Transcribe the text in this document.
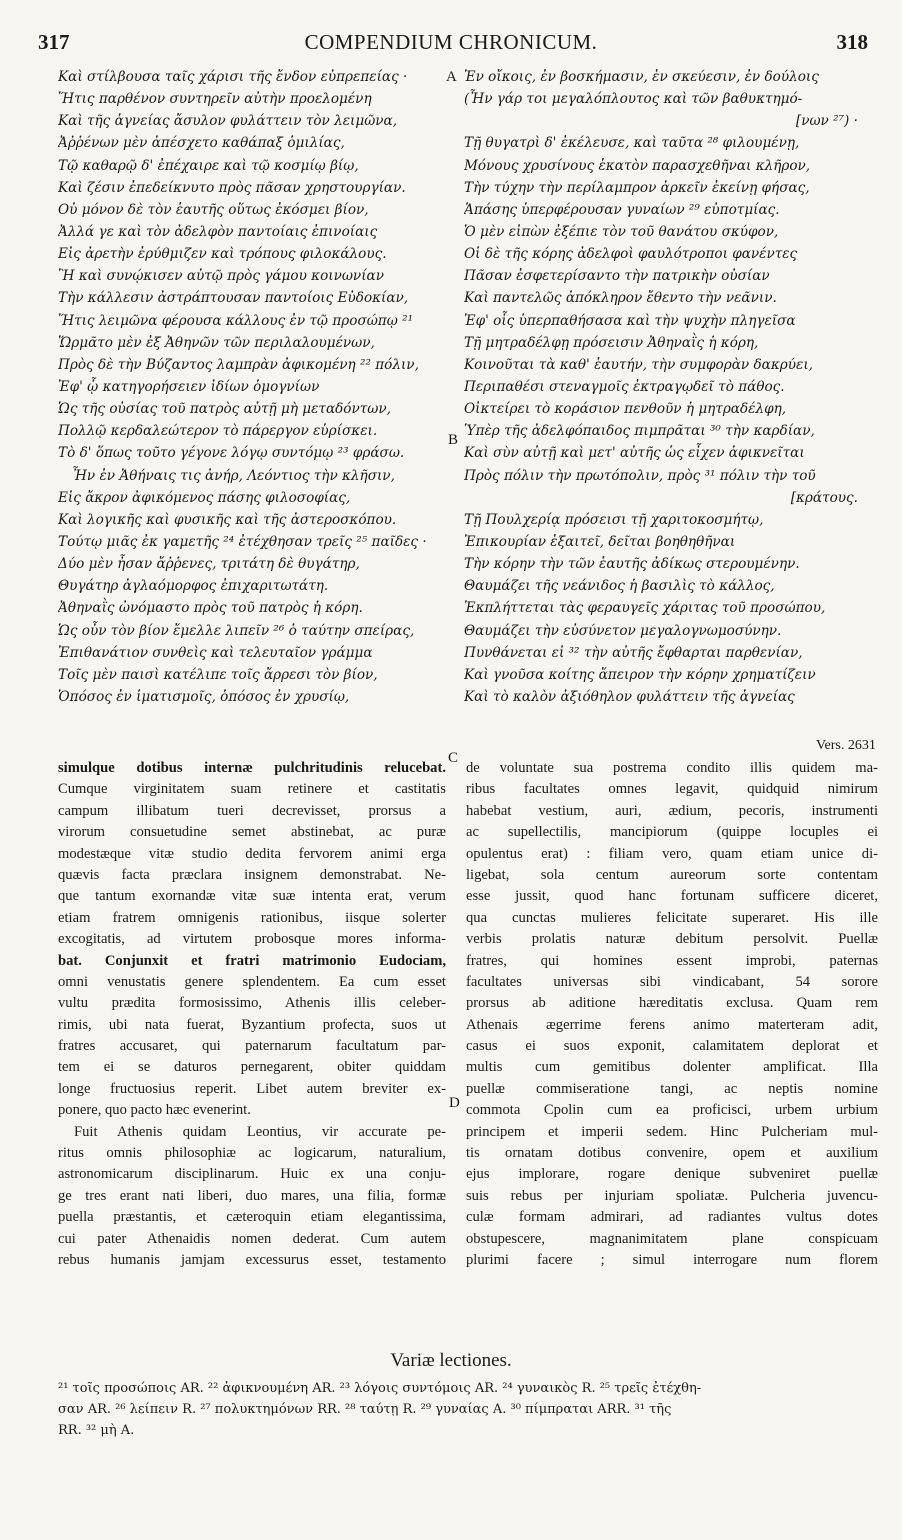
317	COMPENDIUM CHRONICUM.	318
Καὶ στίλβουσα ταῖς χάρισι τῆς ἔνδον εὐπρεπείας ·
Ἥτις παρθένον συντηρεῖν αὐτὴν προελομένη
Καὶ τῆς ἁγνείας ἄσυλον φυλάττειν τὸν λειμῶνα,
Ἀῤῥένων μὲν ἀπέσχετο καθάπαξ ὁμιλίας,
Τῷ καθαρῷ δ' ἐπέχαιρε καὶ τῷ κοσμίῳ βίῳ,
Καὶ ζέσιν ἐπεδείκνυτο πρὸς πᾶσαν χρηστουργίαν.
Οὐ μόνον δὲ τὸν ἑαυτῆς οὕτως ἐκόσμει βίον,
Ἀλλά γε καὶ τὸν ἀδελφὸν παντοίαις ἐπινοίαις
Εἰς ἀρετὴν ἐρύθμιζεν καὶ τρόπους φιλοκάλους.
Ἢ καὶ συνῴκισεν αὐτῷ πρὸς γάμου κοινωνίαν
Τὴν κάλλεσιν ἀστράπτουσαν παντοίοις Εὐδοκίαν,
Ἥτις λειμῶνα φέρουσα κάλλους ἐν τῷ προσώπῳ ²¹
Ὥρμᾶτο μὲν ἐξ Ἀθηνῶν τῶν περιλαλουμένων,
Πρὸς δὲ τὴν Βύζαντος λαμπρὰν ἀφικομένη ²² πόλιν,
Ἐφ' ᾧ κατηγορήσειεν ἰδίων ὁμογνίων
Ὡς τῆς οὐσίας τοῦ πατρὸς αὐτῇ μὴ μεταδόντων,
Πολλῷ κερδαλεώτερον τὸ πάρεργον εὑρίσκει.
Τὸ δ' ὅπως τοῦτο γέγονε λόγῳ συντόμῳ ²³ φράσω.
Ἦν ἐν Ἀθήναις τις ἀνήρ, Λεόντιος τὴν κλῆσιν,
Εἰς ἄκρον ἀφικόμενος πάσης φιλοσοφίας,
Καὶ λογικῆς καὶ φυσικῆς καὶ τῆς ἀστεροσκόπου.
Τούτῳ μιᾶς ἐκ γαμετῆς ²⁴ ἐτέχθησαν τρεῖς ²⁵ παῖδες ·
Δύο μὲν ἦσαν ἄῤῥενες, τριτάτη δὲ θυγάτηρ,
Θυγάτηρ ἀγλαόμορφος ἐπιχαριτωτάτη.
Ἀθηναῒς ὠνόμαστο πρὸς τοῦ πατρὸς ἡ κόρη.
Ὡς οὖν τὸν βίον ἔμελλε λιπεῖν ²⁶ ὁ ταύτην σπείρας,
Ἐπιθανάτιον συνθεὶς καὶ τελευταῖον γράμμα
Τοῖς μὲν παισὶ κατέλιπε τοῖς ἄρρεσι τὸν βίον,
Ὁπόσος ἐν ἱματισμοῖς, ὁπόσος ἐν χρυσίῳ,
Ἐν οἴκοις, ἐν βοσκήμασιν, ἐν σκεύεσιν, ἐν δούλοις
(Ἦν γάρ τοι μεγαλόπλουτος καὶ τῶν βαθυκτημό-
[νων ²⁷) ·
Τῇ θυγατρὶ δ' ἐκέλευσε, καὶ ταῦτα ²⁸ φιλουμένῃ,
Μόνους χρυσίνους ἑκατὸν παρασχεθῆναι κλῆρον,
Τὴν τύχην τὴν περίλαμπρον ἀρκεῖν ἐκείνῃ φήσας,
Ἁπάσης ὑπερφέρουσαν γυναίων ²⁹ εὐποτμίας.
Ὁ μὲν εἰπὼν ἐξέπιε τὸν τοῦ θανάτου σκύφον,
Οἱ δὲ τῆς κόρης ἀδελφοὶ φαυλότροποι φανέντες
Πᾶσαν ἐσφετερίσαντο τὴν πατρικὴν οὐσίαν
Καὶ παντελῶς ἀπόκληρον ἔθεντο τὴν νεᾶνιν.
Ἐφ' οἷς ὑπερπαθήσασα καὶ τὴν ψυχὴν πληγεῖσα
Τῇ μητραδέλφῃ πρόσεισιν Ἀθηναῒς ἡ κόρη,
Κοινοῦται τὰ καθ' ἑαυτήν, τὴν συμφορὰν δακρύει,
Περιπαθέσι στεναγμοῖς ἐκτραγῳδεῖ τὸ πάθος.
Οἰκτείρει τὸ κοράσιον πενθοῦν ἡ μητραδέλφη,
Ὑπὲρ τῆς ἀδελφόπαιδος πιμπρᾶται ³⁰ τὴν καρδίαν,
Καὶ σὺν αὐτῇ καὶ μετ' αὐτῆς ὡς εἶχεν ἀφικνεῖται
Πρὸς πόλιν τὴν πρωτόπολιν, πρὸς ³¹ πόλιν τὴν τοῦ
[κράτους.
Τῇ Πουλχερίᾳ πρόσεισι τῇ χαριτοκοσμήτῳ,
Ἐπικουρίαν ἐξαιτεῖ, δεῖται βοηθηθῆναι
Τὴν κόρην τὴν τῶν ἑαυτῆς ἀδίκως στερουμένην.
Θαυμάζει τῆς νεάνιδος ἡ βασιλὶς τὸ κάλλος,
Ἐκπλήττεται τὰς φεραυγεῖς χάριτας τοῦ προσώπου,
Θαυμάζει τὴν εὐσύνετον μεγαλογνωμοσύνην.
Πυνθάνεται εἰ ³² τὴν αὐτῆς ἔφθαρται παρθενίαν,
Καὶ γνοῦσα κοίτης ἄπειρον τὴν κόρην χρηματίζειν
Καὶ τὸ καλὸν ἀξιόθηλον φυλάττειν τῆς ἁγνείας
Vers. 2631
A
B
C
D
simulque dotibus internæ pulchritudinis relucebat.
Cumque virginitatem suam retinere et castitatis
campum illibatum tueri decrevisset, prorsus a
virorum consuetudine semet abstinebat, ac puræ
modestæque vitæ studio dedita fervorem animi erga
quævis facta præclara insignem demonstrabat. Ne-
que tantum exornandæ vitæ suæ intenta erat, verum
etiam fratrem omnigenis rationibus, iisque solerter
excogitatis, ad virtutem probosque mores informa-
bat. Conjunxit et fratri matrimonio Eudociam,
omni venustatis genere splendentem. Ea cum esset
vultu prædita formosissimo, Athenis illis celeber-
rimis, ubi nata fuerat, Byzantium profecta, suos ut
fratres accusaret, qui paternarum facultatum par-
tem ei se daturos pernegarent, obiter quiddam
longe fructuosius reperit. Libet autem breviter ex-
ponere, quo pacto hæc evenerint.
Fuit Athenis quidam Leontius, vir accurate pe-
ritus omnis philosophiæ ac logicarum, naturalium,
astronomicarum disciplinarum. Huic ex una conju-
ge tres erant nati liberi, duo mares, una filia, formæ
puella præstantis, et cæteroquin etiam elegantissima,
cui pater Athenaidis nomen dederat. Cum autem
rebus humanis jamjam excessurus esset, testamento
de voluntate sua postrema condito illis quidem ma-
ribus facultates omnes legavit, quidquid nimirum
habebat vestium, auri, ædium, pecoris, instrumenti
ac supellectilis, mancipiorum (quippe locuples ei
opulentus erat) : filiam vero, quam etiam unice di-
ligebat, sola centum aureorum sorte contentam
esse jussit, quod hanc fortunam sufficere diceret,
qua cunctas mulieres felicitate superaret. His ille
verbis prolatis naturæ debitum persolvit. Puellæ
fratres, qui homines essent improbi, paternas
facultates universas sibi vindicabant, 54 sorore
prorsus ab aditione hæreditatis exclusa. Quam rem
Athenais ægerrime ferens animo materteram adit,
casus ei suos exponit, calamitatem deplorat et
multis cum gemitibus dolenter amplificat. Illa
puellæ commiseratione tangi, ac neptis nomine
commota Cpolin cum ea proficisci, urbem urbium
principem et imperii sedem. Hinc Pulcheriam mul-
tis ornatam dotibus convenire, opem et auxilium
ejus implorare, rogare denique subveniret puellæ
suis rebus per injuriam spoliatæ. Pulcheria juvencu-
culæ formam admirari, ad radiantes vultus dotes
obstupescere, magnanimitatem plane conspicuam
plurimi facere ; simul interrogare num florem
Variæ lectiones.
²¹ τοῖς προσώποις AR. ²² ἀφικνουμένη AR. ²³ λόγοις συντόμοις AR. ²⁴ γυναικὸς R. ²⁵ τρεῖς ἐτέχθη-
σαν AR. ²⁶ λείπειν R. ²⁷ πολυκτημόνων RR. ²⁸ ταύτῃ R. ²⁹ γυναίας A. ³⁰ πίμπραται ARR. ³¹ τῆς
RR. ³² μὴ A.
